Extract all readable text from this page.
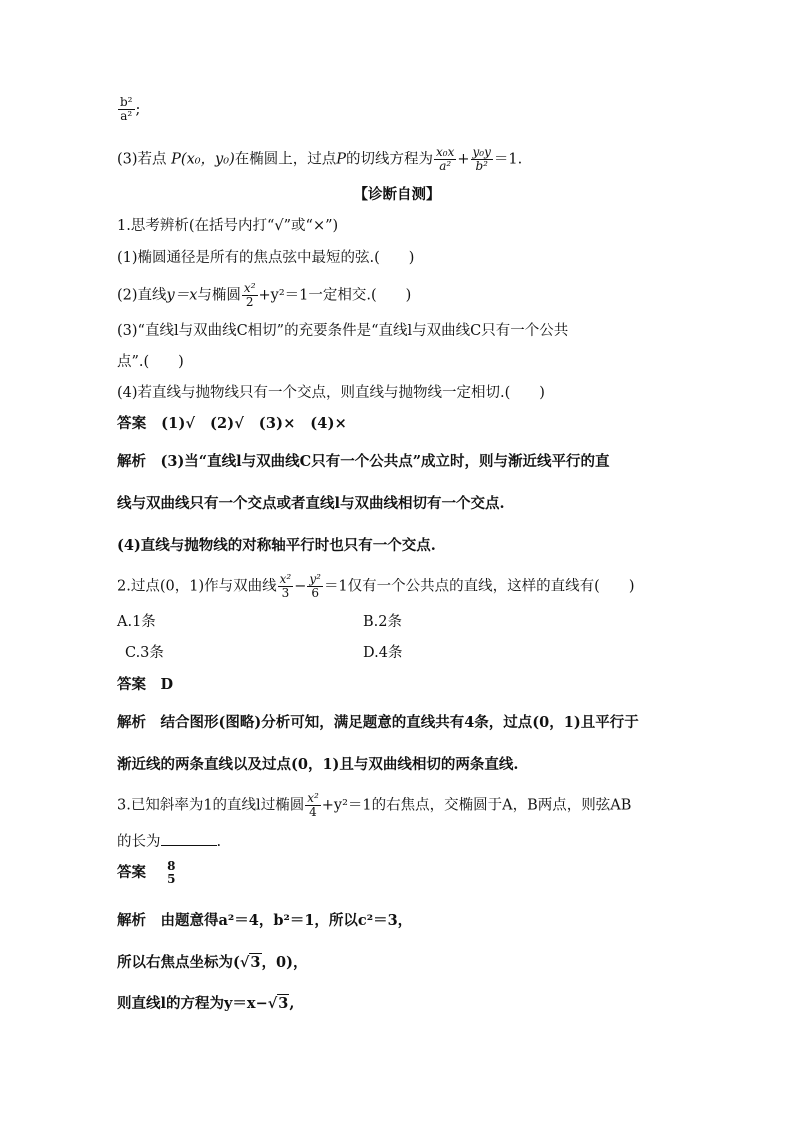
$\frac{\text{b²}}{\text{a²}}$ ;
(3)若点 P(x₀，y₀)在椭圆上，过点P的切线方程为 $\frac{\text{x₀x}}{\text{a²}} + \frac{\text{y₀y}}{\text{b²}} =1$.
【诊断自测】
1.思考辨析(在括号内打“√”或“×”)
(1)椭圆通径是所有的焦点弦中最短的弦.(　　)
(2)直线y＝x与椭圆 $\frac{\text{x²}}{2} +y^2=1$一定相交.(　　)
(3)“直线l与双曲线C相切”的充要条件是“直线l与双曲线C只有一个公共
点”.(　　)
(4)若直线与抛物线只有一个交点，则直线与抛物线一定相切.(　　)
答案　(1)√　(2)√　(3)×　(4)×
解析　(3)当“直线l与双曲线C只有一个公共点”成立时，则与渐近线平行的直
线与双曲线只有一个交点或者直线l与双曲线相切有一个交点.
(4)直线与抛物线的对称轴平行时也只有一个交点.
2.过点(0，1)作与双曲线 $\frac{\text{x²}}{3} - \frac{\text{y²}}{6} =1$仅有一个公共点的直线，这样的直线有(　　)
A.1条	B.2条
C.3条	D.4条
答案　D
解析　结合图形(图略)分析可知，满足题意的直线共有4条，过点(0，1)且平行于
渐近线的两条直线以及过点(0，1)且与双曲线相切的两条直线.
3.已知斜率为1的直线l过椭圆 $\frac{\text{x²}}{4} +y^2=1$的右焦点，交椭圆于A，B两点，则弦AB
的长为	.
答案 8
5
解析　由题意得a²＝4，b²＝1，所以c²＝3，
所以右焦点坐标为(√3，0)，
则直线l的方程为y＝x−√3,
